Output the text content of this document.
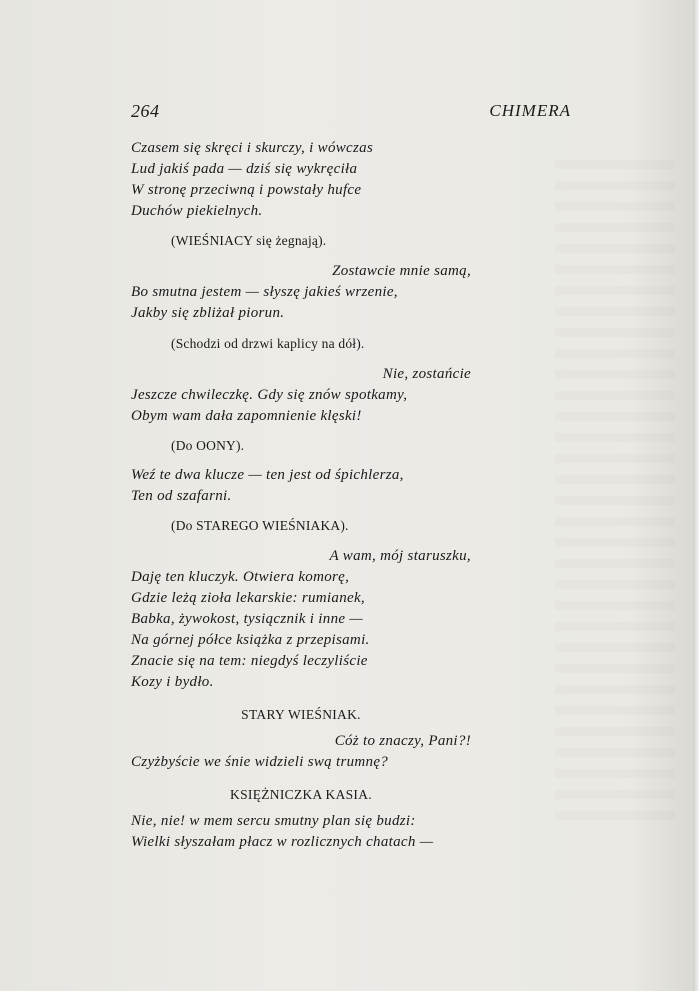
264	CHIMERA
Czasem się skręci i skurczy, i wówczas
Lud jakiś pada — dziś się wykręciła
W stronę przeciwną i powstały hufce
Duchów piekielnych.
(WIEŚNIACY się żegnają).
Zostawcie mnie samą,
Bo smutna jestem — słyszę jakieś wrzenie,
Jakby się zbliżał piorun.
(Schodzi od drzwi kaplicy na dół).
Nie, zostańcie
Jeszcze chwileczkę. Gdy się znów spotkamy,
Obym wam dała zapomnienie klęski!
(Do OONY).
Weź te dwa klucze — ten jest od śpichlerza,
Ten od szafarni.
(Do STAREGO WIEŚNIAKA).
A wam, mój staruszku,
Daję ten kluczyk. Otwiera komorę,
Gdzie leżą zioła lekarskie: rumianek,
Babka, żywokost, tysiącznik i inne —
Na górnej półce książka z przepisami.
Znacie się na tem: niegdyś leczyliście
Kozy i bydło.
STARY WIEŚNIAK.
Cóż to znaczy, Pani?!
Czyżbyście we śnie widzieli swą trumnę?
KSIĘŻNICZKA KASIA.
Nie, nie! w mem sercu smutny plan się budzi:
Wielki słyszałam płacz w rozlicznych chatach —
